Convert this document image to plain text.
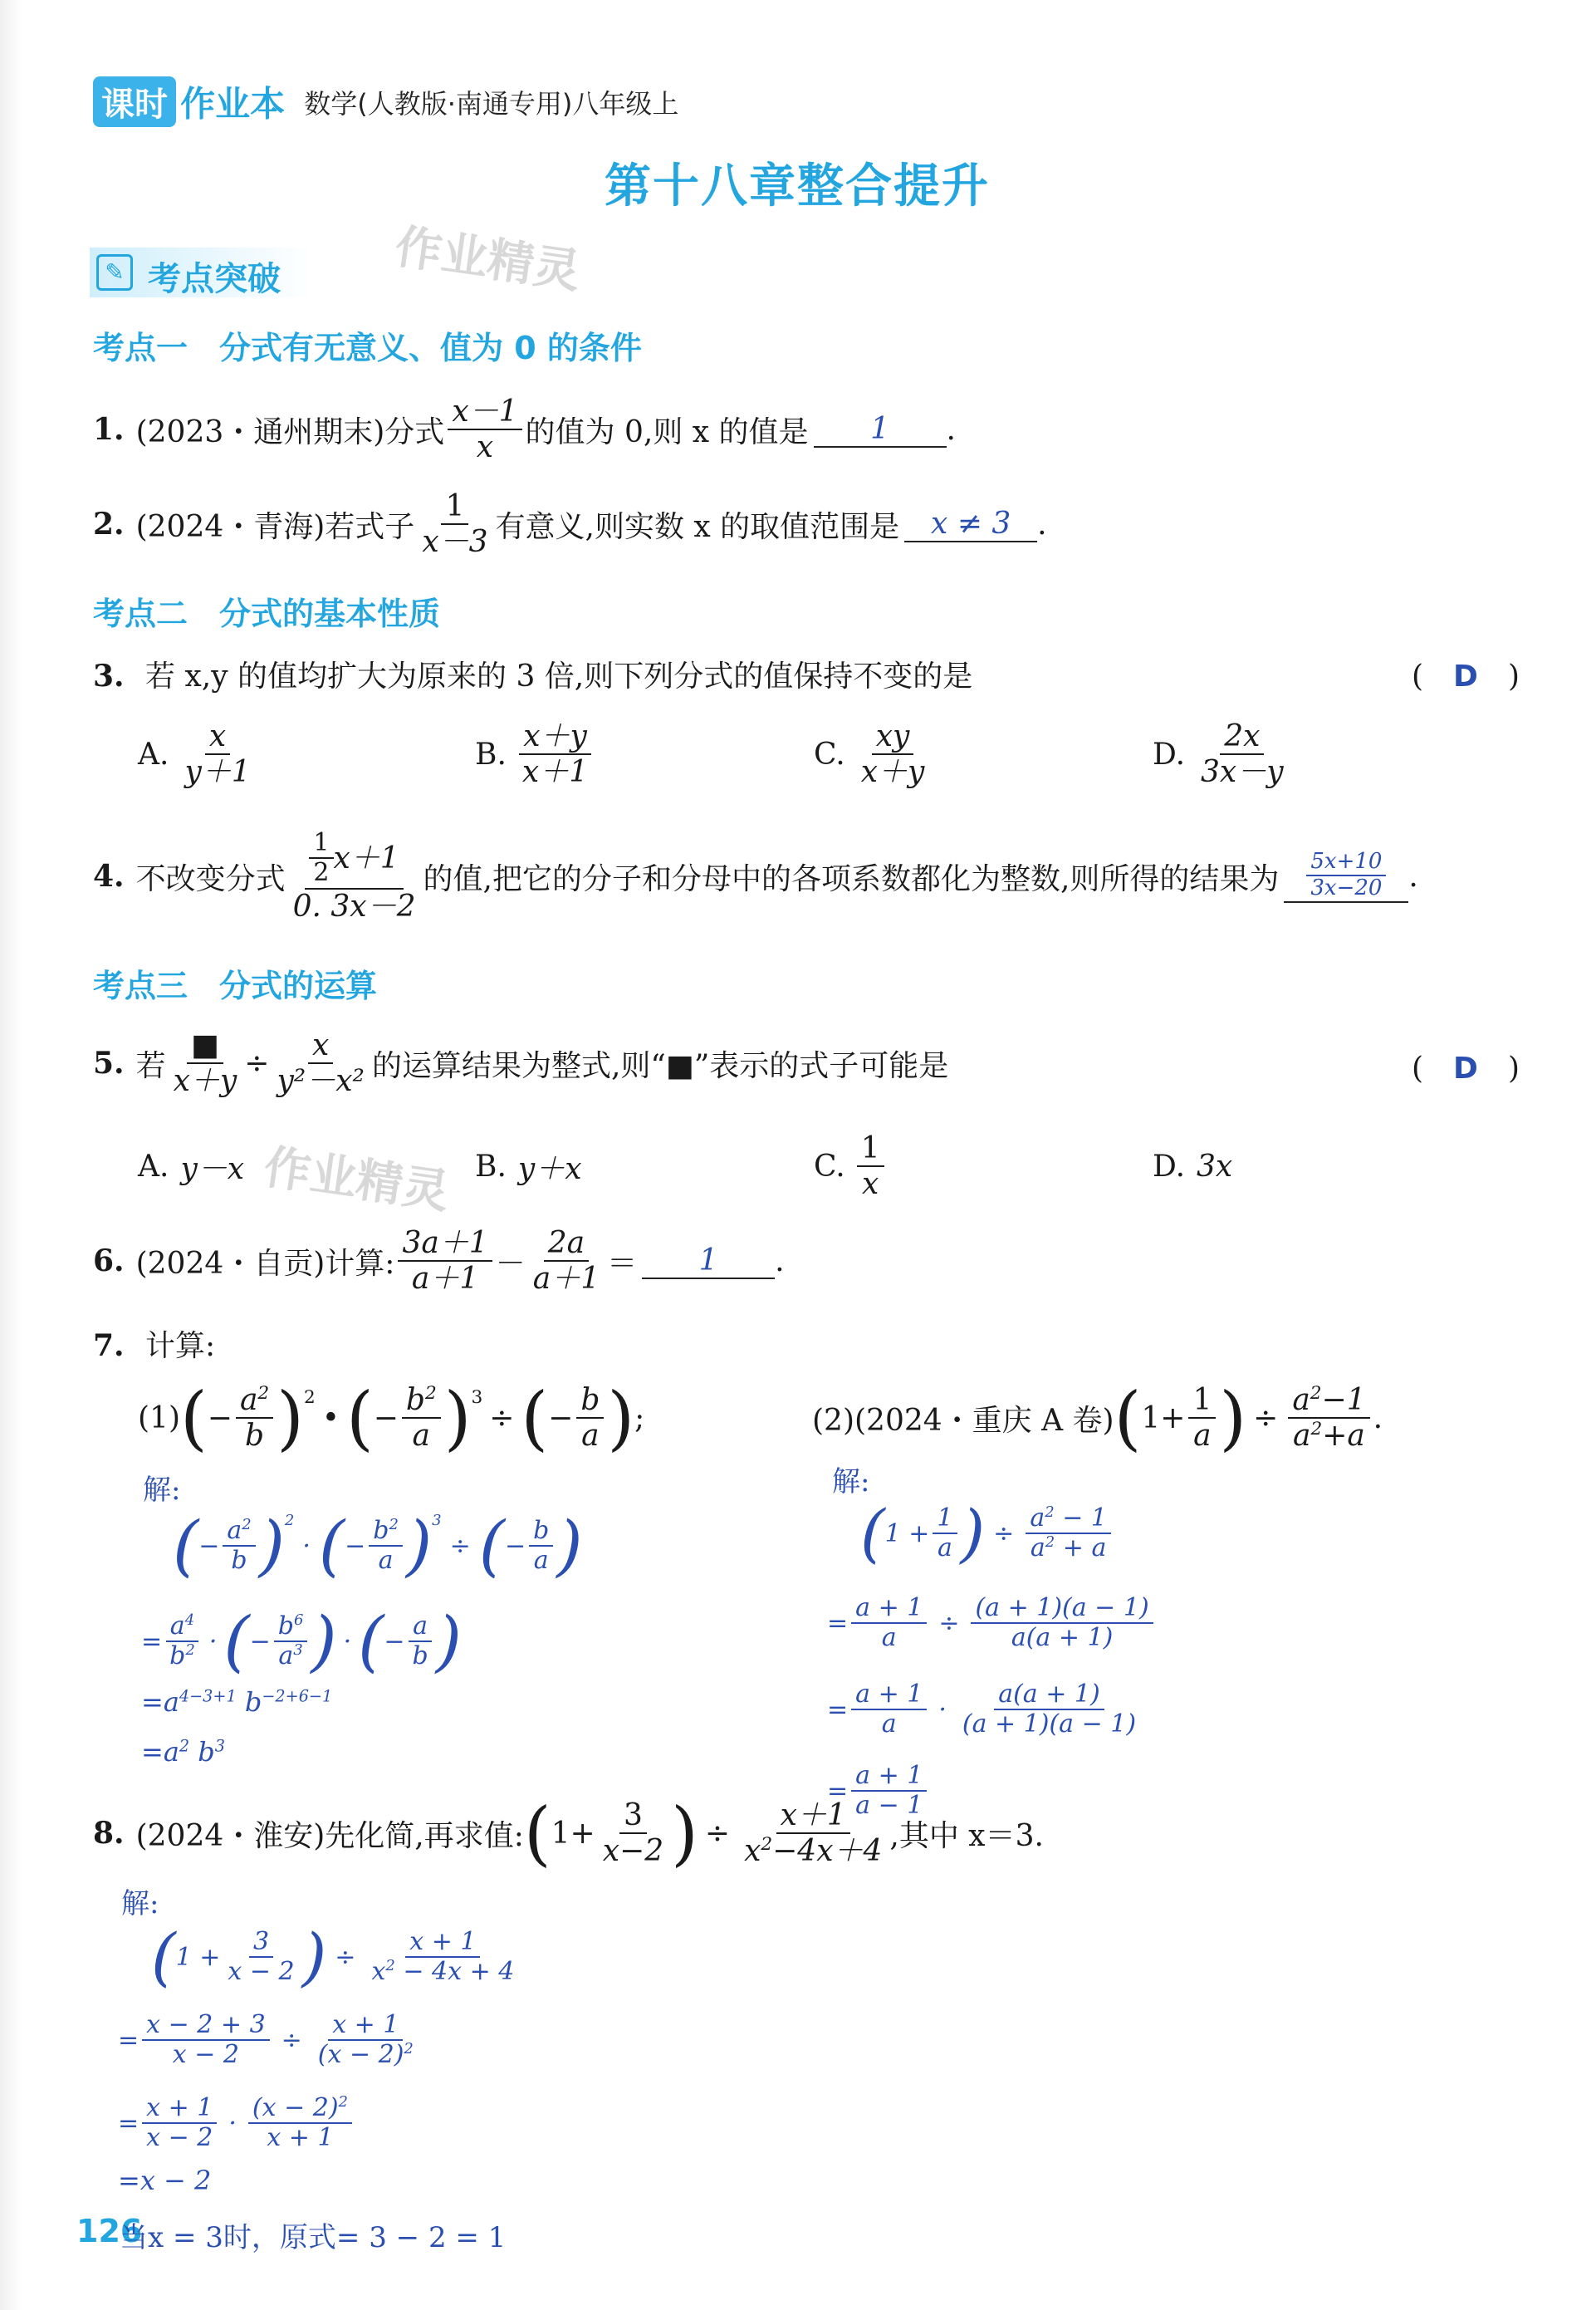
课时 作业本 数学(人教版·南通专用)八年级上
第十八章整合提升
✎ 考点突破 作业精灵
作业精灵
考点一　分式有无意义、值为 0 的条件
1. (2023・通州期末)分式
x－1
x 的值为 0,则 x 的值是	1	.
2. (2024・青海)若式子
1
x－3 有意义,则实数 x 的取值范围是	x ≠ 3 .
考点二　分式的基本性质
3. 若 x,y 的值均扩大为原来的 3 倍,则下列分式的值保持不变的是	(　D　)
A.
x
y＋1
B.
x＋y
x＋1
C.
xy
x＋y
D.
2x
3x－y
4. 不改变分式
1
2 x＋1
0. 3x－2
的值,把它的分子和分母中的各项系数都化为整数,则所得的结果为 $\frac{5x+10}{3x-20}$ .
考点三　分式的运算
5. 若
■
x＋y
÷ $\frac{x}{\text{y²－x²}}$ 的运算结果为整式,则“■”表示的式子可能是	(　D　)
A. y－x	B. y＋x	C.
1
x
D. 3x
6. (2024・自贡)计算:
3a＋1
a＋1 －
2a
a＋1 ＝	1	.
7. 计算:
(1) ( −
$a^2$
b )$^2$
• ( −
$b^2$
a )$^3$
÷ ( −
b
a ) ;	(2)(2024・重庆 A 卷) ( 1+
1
a ) ÷ $\frac{a^2-1}{a^2+a}$ .
解:
( −
$a^2$
b )$^2$
· ( −
$b^2$
a )$^3$
÷ ( −
b
a )
=
$a^4$
$b^2$ · ( −
$b^6$
$a^3$ ) · ( −
a
b )
$=a^{4-3+1}$ $b^{-2+6-1}$
$=a^2$ $b^3$
解:
( 1 +
1
a ) ÷ $\frac{a^2 - 1}{a^2 + a}$
= $\frac{a + 1}{a} \div \frac{(a + 1)(a - 1)}{a(a + 1)}$
=
a + 1
a ·
a(a + 1)
(a + 1)(a − 1)
=
a + 1
a − 1
8. (2024・淮安)先化简,再求值: ( 1+
3
x−2 ) ÷ $\frac{x+1}{x^2-4x+4}$ ,其中 x＝3.
解:
( 1 +
3
x − 2 ) ÷ $\frac{x + 1}{x^2 - 4x + 4}$
= $\frac{x - 2 + 3}{x - 2} \div \frac{x + 1}{(x - 2)^2}$
=
x + 1
x − 2 ·
$(x - 2)^2$
x + 1
=x − 2
126
当x = 3时，原式= 3 − 2 = 1
